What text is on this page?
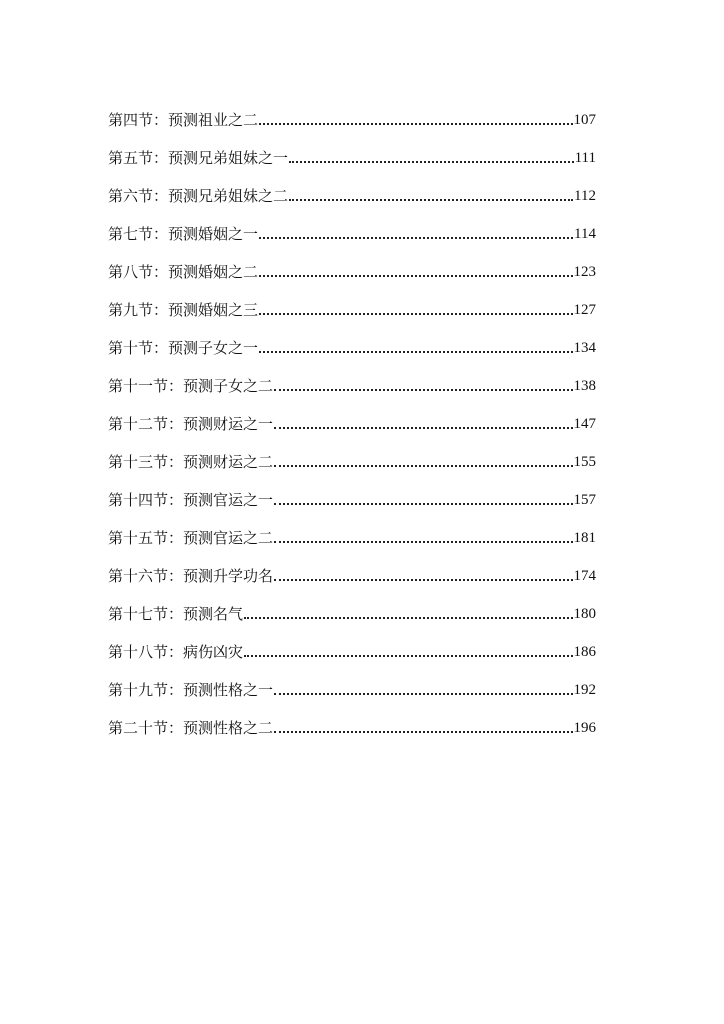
第四节：预测祖业之二	107
第五节：预测兄弟姐妹之一	111
第六节：预测兄弟姐妹之二	112
第七节：预测婚姻之一	114
第八节：预测婚姻之二	123
第九节：预测婚姻之三	127
第十节：预测子女之一	134
第十一节：预测子女之二	138
第十二节：预测财运之一	147
第十三节：预测财运之二	155
第十四节：预测官运之一	157
第十五节：预测官运之二	181
第十六节：预测升学功名	174
第十七节：预测名气	180
第十八节：病伤凶灾	186
第十九节：预测性格之一	192
第二十节：预测性格之二	196
